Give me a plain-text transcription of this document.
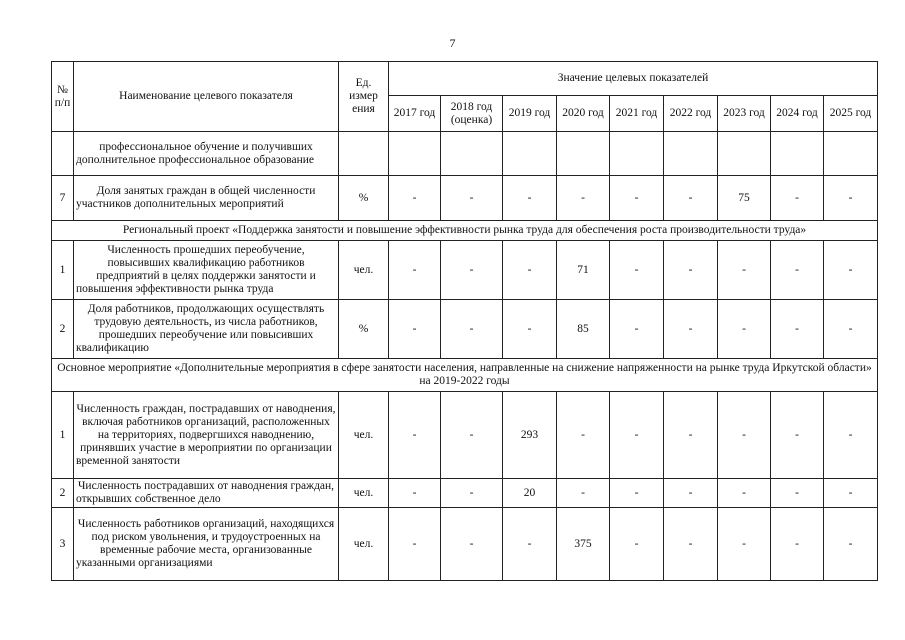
7
№ п/п	Наименование целевого показателя	Ед. измер ения	Значение целевых показателей								
			2017 год	2018 год (оценка)	2019 год	2020 год	2021 год	2022 год	2023 год	2024 год	2025 год
	профессиональное обучение и получивших дополнительное профессиональное образование										
7	Доля занятых граждан в общей численности участников дополнительных мероприятий	%	-	-	-	-	-	-	75	-	-
Региональный проект «Поддержка занятости и повышение эффективности рынка труда для обеспечения роста производительности труда»											
1	Численность прошедших переобучение, повысивших квалификацию работников предприятий в целях поддержки занятости и повышения эффективности рынка труда	чел.	-	-	-	71	-	-	-	-	-
2	Доля работников, продолжающих осуществлять трудовую деятельность, из числа работников, прошедших переобучение или повысивших квалификацию	%	-	-	-	85	-	-	-	-	-
Основное мероприятие «Дополнительные мероприятия в сфере занятости населения, направленные на снижение напряженности на рынке труда Иркутской области» на 2019-2022 годы											
1	Численность граждан, пострадавших от наводнения, включая работников организаций, расположенных на территориях, подвергшихся наводнению, принявших участие в мероприятии по организации временной занятости	чел.	-	-	293	-	-	-	-	-	-
2	Численность пострадавших от наводнения граждан, открывших собственное дело	чел.	-	-	20	-	-	-	-	-	-
3	Численность работников организаций, находящихся под риском увольнения, и трудоустроенных на временные рабочие места, организованные указанными организациями	чел.	-	-	-	375	-	-	-	-	-
